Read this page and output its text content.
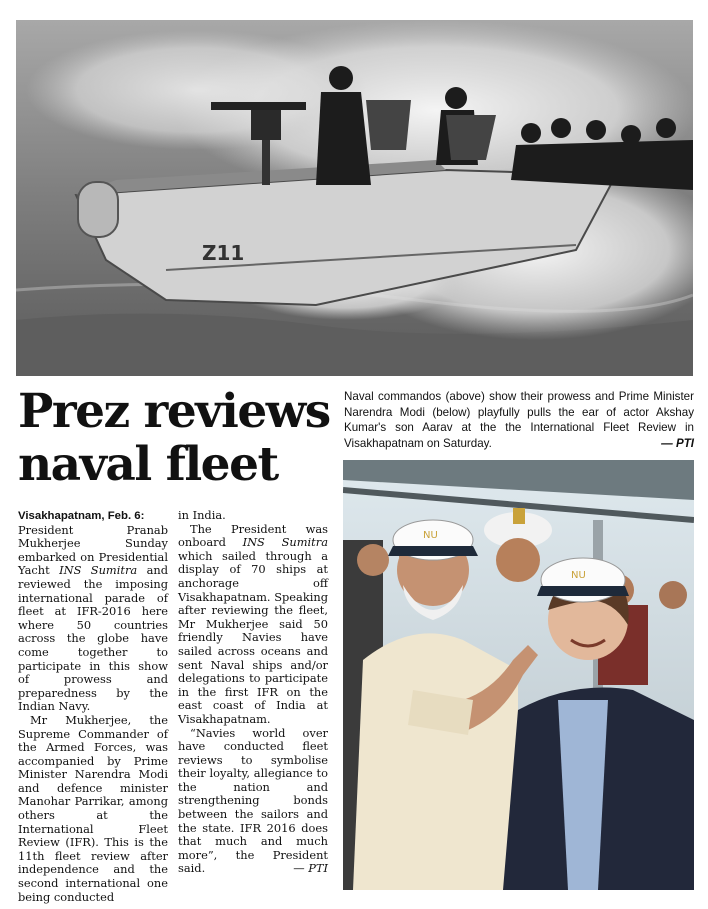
Z11
Prez reviews
naval fleet
Naval commandos (above) show their prowess and Prime Minister Narendra Modi (below) playfully pulls the ear of actor Akshay Kumar's son Aarav at the the International Fleet Review in Visakhapatnam on Saturday.	— PTI

Visakhapatnam, Feb. 6:
President Pranab Mukherjee Sunday embarked on Presidential Yacht INS Sumitra and reviewed the imposing international parade of fleet at IFR-2016 here where 50 countries across the globe have come together to participate in this show of prowess and preparedness by the Indian Navy.

Mr Mukherjee, the Supreme Commander of the Armed Forces, was accompanied by Prime Minister Narendra Modi and defence minister Manohar Parrikar, among others at the International Fleet Review (IFR). This is the 11th fleet review after independence and the second international one being conducted

in India.

The President was onboard INS Sumitra which sailed through a display of 70 ships at anchorage off Visakhapatnam. Speaking after reviewing the fleet, Mr Mukherjee said 50 friendly Navies have sailed across oceans and sent Naval ships and/or delegations to participate in the first IFR on the east coast of India at Visakhapatnam.

“Navies world over have conducted fleet reviews to symbolise their loyalty, allegiance to the nation and strengthening bonds between the sailors and the state. IFR 2016 does that much and much more”, the President said.	— PTI

NU
NU
